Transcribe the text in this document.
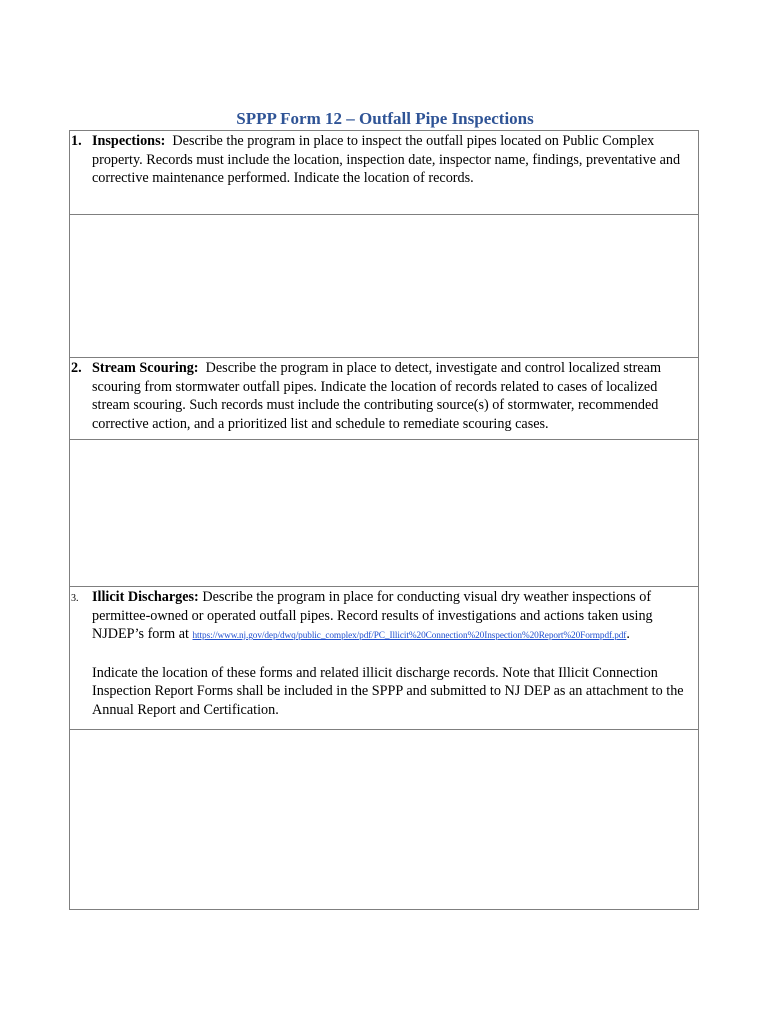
SPPP Form 12 – Outfall Pipe Inspections
1. Inspections: Describe the program in place to inspect the outfall pipes located on Public Complex property. Records must include the location, inspection date, inspector name, findings, preventative and corrective maintenance performed. Indicate the location of records.

2. Stream Scouring: Describe the program in place to detect, investigate and control localized stream scouring from stormwater outfall pipes. Indicate the location of records related to cases of localized stream scouring. Such records must include the contributing source(s) of stormwater, recommended corrective action, and a prioritized list and schedule to remediate scouring cases.

3. Illicit Discharges: Describe the program in place for conducting visual dry weather inspections of permittee-owned or operated outfall pipes. Record results of investigations and actions taken using NJDEP’s form at https://www.nj.gov/dep/dwq/public_complex/pdf/PC_Illicit%20Connection%20Inspection%20Report%20Formpdf.pdf.

Indicate the location of these forms and related illicit discharge records. Note that Illicit Connection Inspection Report Forms shall be included in the SPPP and submitted to NJ DEP as an attachment to the Annual Report and Certification.
